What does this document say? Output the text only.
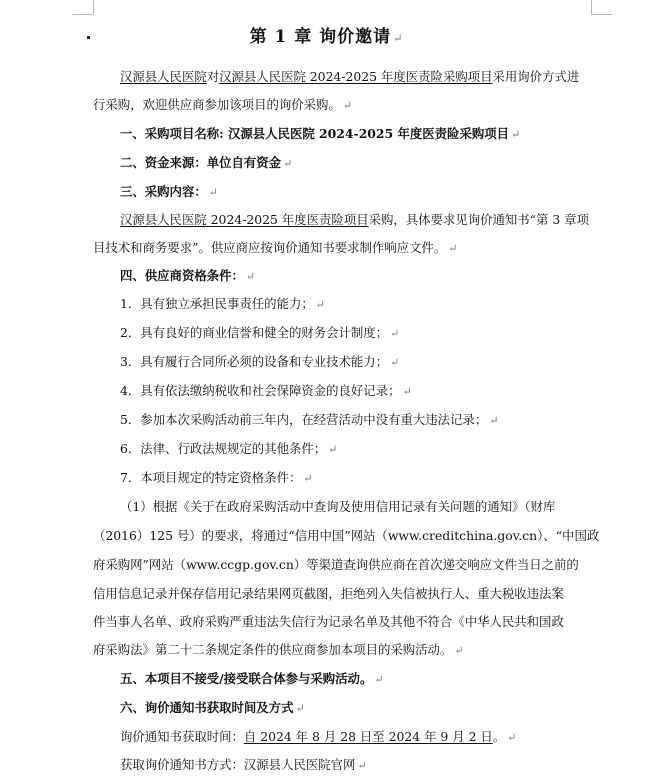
第 1 章 询价邀请 ↵
汉源县人民医院对汉源县人民医院 2024-2025 年度医责险采购项目采用询价方式进
行采购，欢迎供应商参加该项目的询价采购。 ↵
一、采购项目名称: 汉源县人民医院 2024-2025 年度医责险采购项目 ↵
二、资金来源：单位自有资金 ↵
三、采购内容： ↵
汉源县人民医院 2024-2025 年度医责险项目采购，具体要求见询价通知书“第 3 章项
目技术和商务要求”。供应商应按询价通知书要求制作响应文件。 ↵
四、供应商资格条件： ↵
1．具有独立承担民事责任的能力； ↵
2．具有良好的商业信誉和健全的财务会计制度； ↵
3．具有履行合同所必须的设备和专业技术能力； ↵
4．具有依法缴纳税收和社会保障资金的良好记录； ↵
5．参加本次采购活动前三年内，在经营活动中没有重大违法记录； ↵
6．法律、行政法规规定的其他条件； ↵
7．本项目规定的特定资格条件： ↵
（1）根据《关于在政府采购活动中查询及使用信用记录有关问题的通知》（财库
（2016）125 号）的要求，将通过“信用中国”网站（www.creditchina.gov.cn）、“中国政
府采购网”网站（www.ccgp.gov.cn）等渠道查询供应商在首次递交响应文件当日之前的
信用信息记录并保存信用记录结果网页截图，拒绝列入失信被执行人、重大税收违法案
件当事人名单、政府采购严重违法失信行为记录名单及其他不符合《中华人民共和国政
府采购法》第二十二条规定条件的供应商参加本项目的采购活动。 ↵
五、本项目不接受/接受联合体参与采购活动。 ↵
六、询价通知书获取时间及方式 ↵
询价通知书获取时间：自 2024 年 8 月 28 日至 2024 年 9 月 2 日。 ↵
获取询价通知书方式：汉源县人民医院官网 ↵
